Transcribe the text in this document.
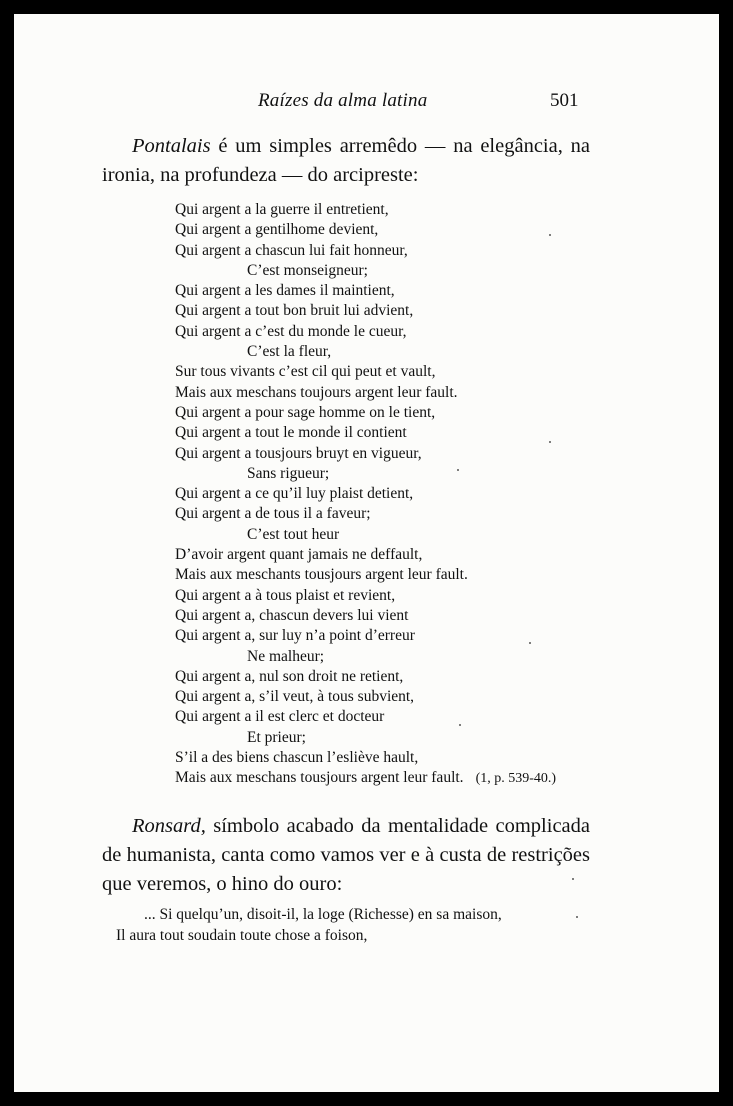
Raízes da alma latina	501

Pontalais é um simples arremêdo — na elegância, na ironia, na profundeza — do arcipreste:

Qui argent a la guerre il entretient,
Qui argent a gentilhome devient,
Qui argent a chascun lui fait honneur,
C’est monseigneur;
Qui argent a les dames il maintient,
Qui argent a tout bon bruit lui advient,
Qui argent a c’est du monde le cueur,
C’est la fleur,
Sur tous vivants c’est cil qui peut et vault,
Mais aux meschans toujours argent leur fault.
Qui argent a pour sage homme on le tient,
Qui argent a tout le monde il contient
Qui argent a tousjours bruyt en vigueur,
Sans rigueur;
Qui argent a ce qu’il luy plaist detient,
Qui argent a de tous il a faveur;
C’est tout heur
D’avoir argent quant jamais ne deffault,
Mais aux meschants tousjours argent leur fault.
Qui argent a à tous plaist et revient,
Qui argent a, chascun devers lui vient
Qui argent a, sur luy n’a point d’erreur
Ne malheur;
Qui argent a, nul son droit ne retient,
Qui argent a, s’il veut, à tous subvient,
Qui argent a il est clerc et docteur
Et prieur;
S’il a des biens chascun l’esliève hault,
Mais aux meschans tousjours argent leur fault. (1, p. 539-40.)

Ronsard, símbolo acabado da mentalidade complicada de humanista, canta como vamos ver e à custa de restrições que veremos, o hino do ouro:

... Si quelqu’un, disoit-il, la loge (Richesse) en sa maison,
Il aura tout soudain toute chose a foison,
